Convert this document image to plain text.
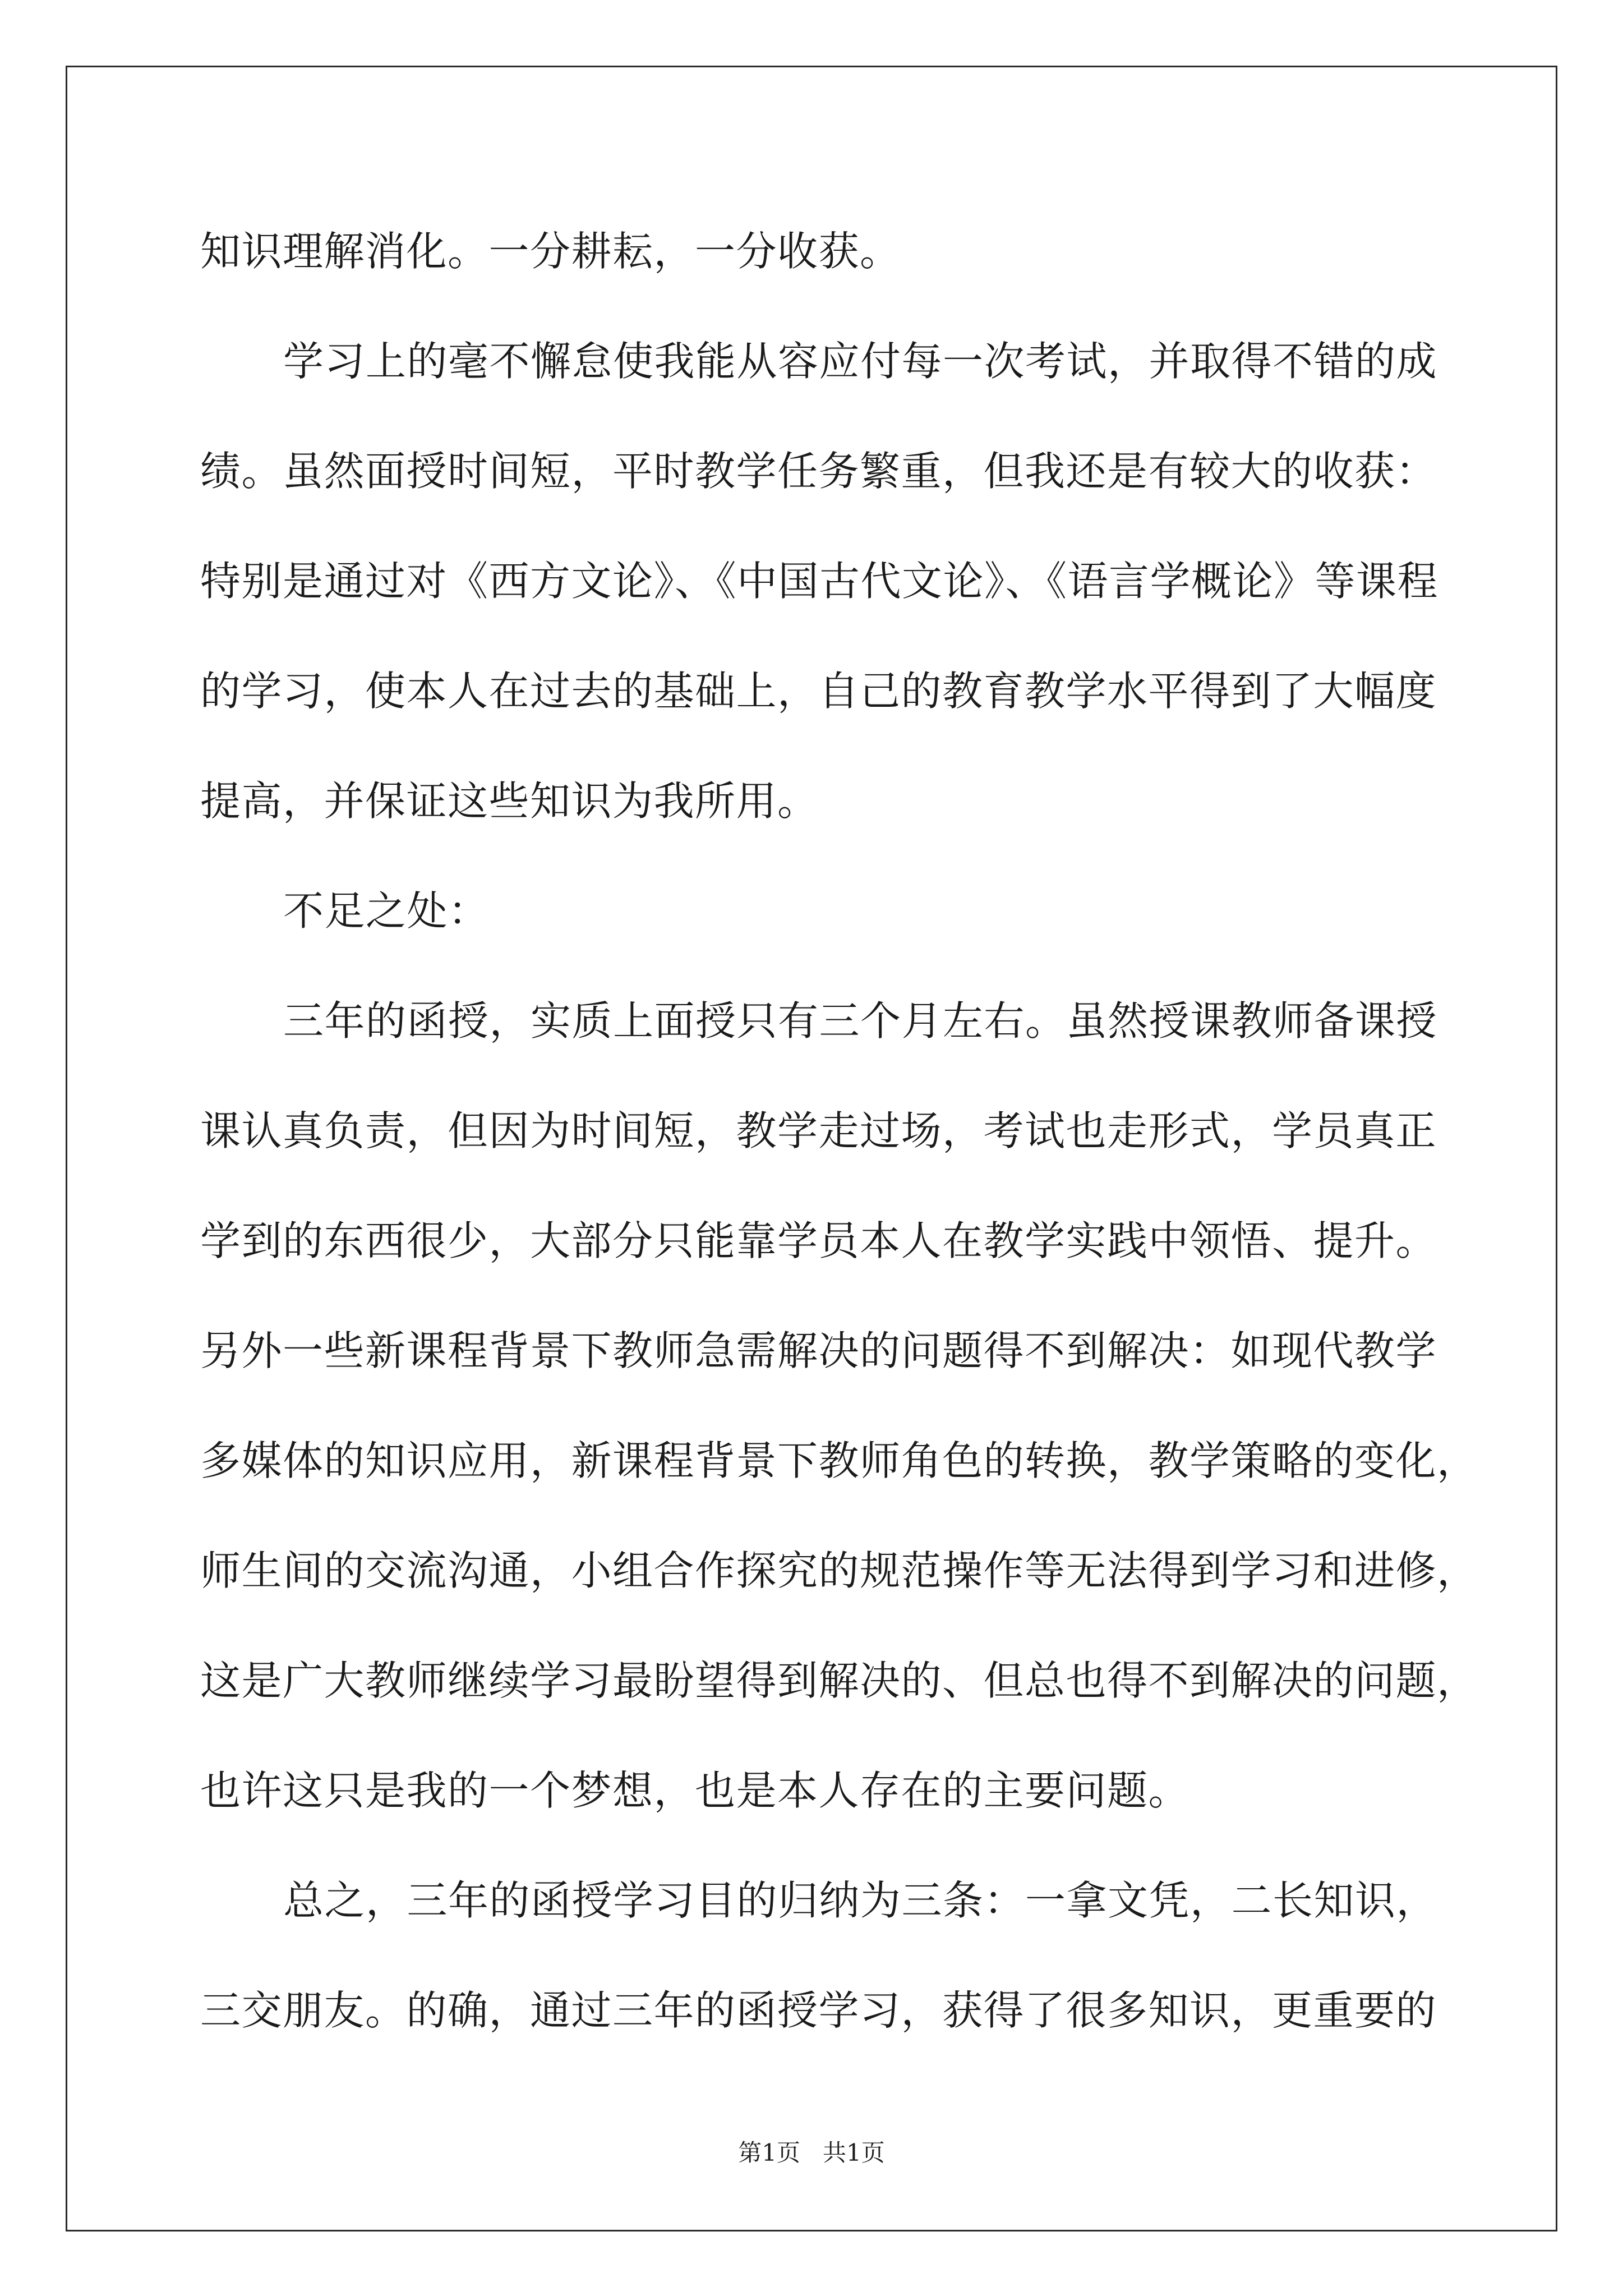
知识理解消化。一分耕耘，一分收获。
学习上的毫不懈怠使我能从容应付每一次考试，并取得不错的成
绩。虽然面授时间短，平时教学任务繁重，但我还是有较大的收获：
特别是通过对《西方文论》、《中国古代文论》、《语言学概论》等课程
的学习，使本人在过去的基础上，自己的教育教学水平得到了大幅度
提高，并保证这些知识为我所用。
不足之处：
三年的函授，实质上面授只有三个月左右。虽然授课教师备课授
课认真负责，但因为时间短，教学走过场，考试也走形式，学员真正
学到的东西很少，大部分只能靠学员本人在教学实践中领悟、提升。
另外一些新课程背景下教师急需解决的问题得不到解决：如现代教学
多媒体的知识应用，新课程背景下教师角色的转换，教学策略的变化，
师生间的交流沟通，小组合作探究的规范操作等无法得到学习和进修，
这是广大教师继续学习最盼望得到解决的、但总也得不到解决的问题，
也许这只是我的一个梦想，也是本人存在的主要问题。
总之，三年的函授学习目的归纳为三条：一拿文凭，二长知识，
三交朋友。的确，通过三年的函授学习，获得了很多知识，更重要的
第1页 共1页
